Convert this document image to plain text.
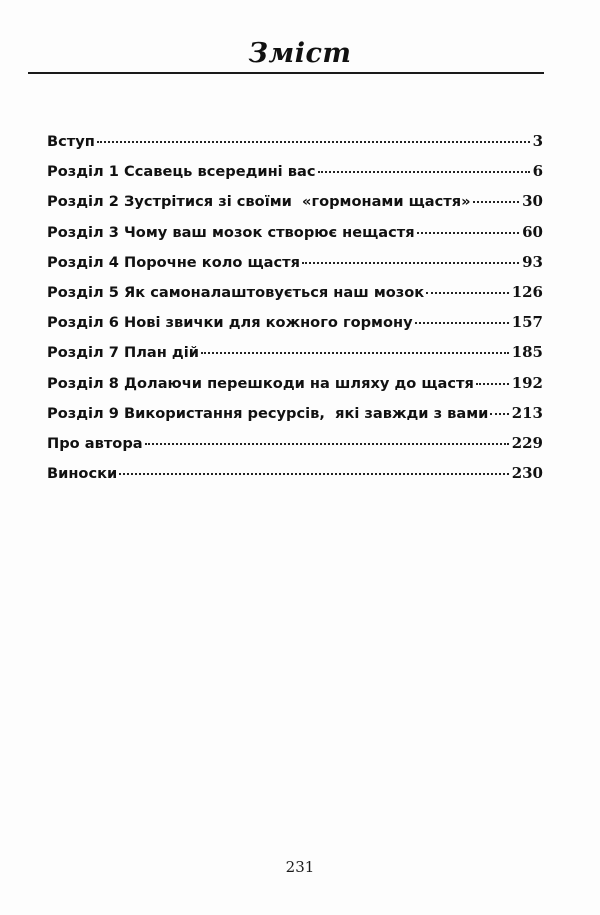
Зміст
Вступ	3
Розділ 1 Ссавець всередині вас	6
Розділ 2 Зустрітися зі своїми  «гормонами щастя»	30
Розділ 3 Чому ваш мозок створює нещастя	60
Розділ 4 Порочне коло щастя	93
Розділ 5 Як самоналаштовується наш мозок	126
Розділ 6 Нові звички для кожного гормону	157
Розділ 7 План дій	185
Розділ 8 Долаючи перешкоди на шляху до щастя	192
Розділ 9 Використання ресурсів,  які завжди з вами 213
Про автора	229
Виноски	230
231
